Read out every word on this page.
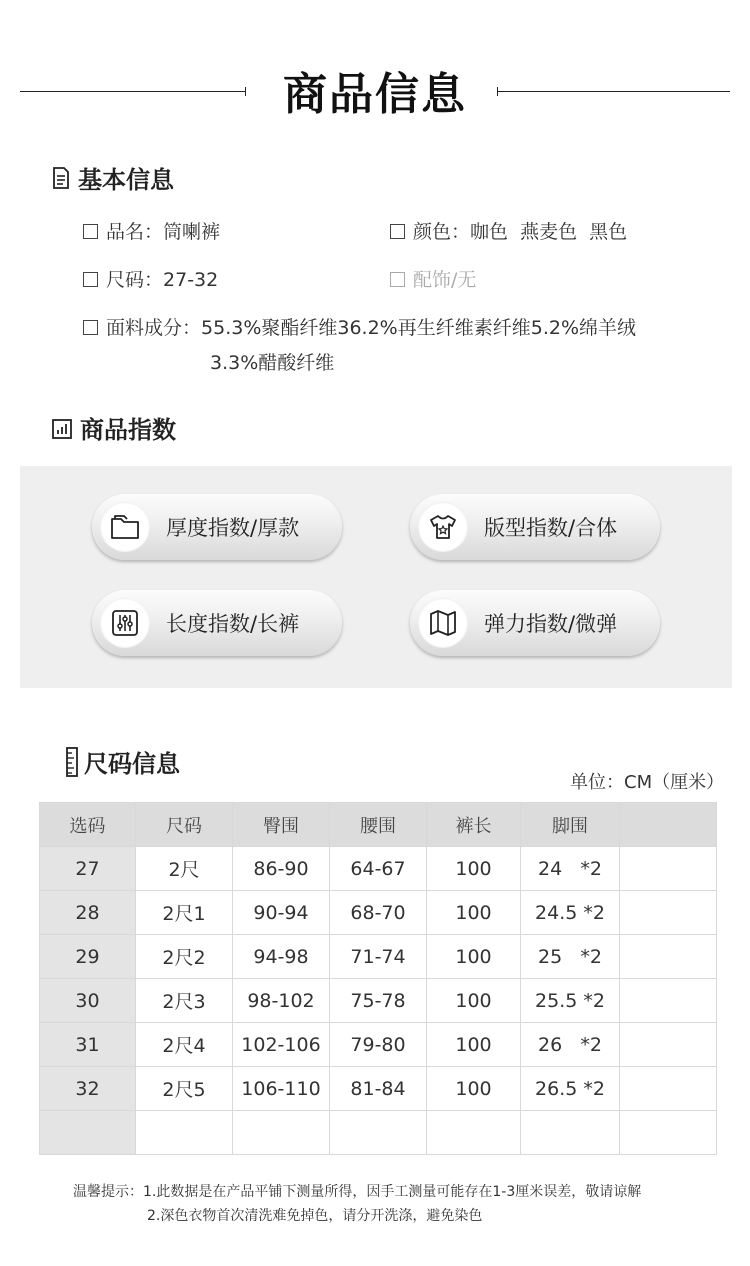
商品信息
基本信息
品名：筒喇裤	颜色：咖色  燕麦色  黑色
尺码：27-32	配饰/无
面料成分：55.3%聚酯纤维36.2%再生纤维素纤维5.2%绵羊绒
3.3%醋酸纤维
商品指数
厚度指数/厚款	版型指数/合体
长度指数/长裤	弹力指数/微弹
尺码信息
单位：CM（厘米）
选码	尺码	臀围	腰围	裤长	脚围	
27	2尺	86-90	64-67	100	24   *2	
28	2尺1	90-94	68-70	100	24.5 *2	
29	2尺2	94-98	71-74	100	25   *2	
30	2尺3	98-102	75-78	100	25.5 *2	
31	2尺4	102-106	79-80	100	26   *2	
32	2尺5	106-110	81-84	100	26.5 *2	

温馨提示：1.此数据是在产品平铺下测量所得，因手工测量可能存在1-3厘米误差，敬请谅解
2.深色衣物首次清洗难免掉色，请分开洗涤，避免染色
